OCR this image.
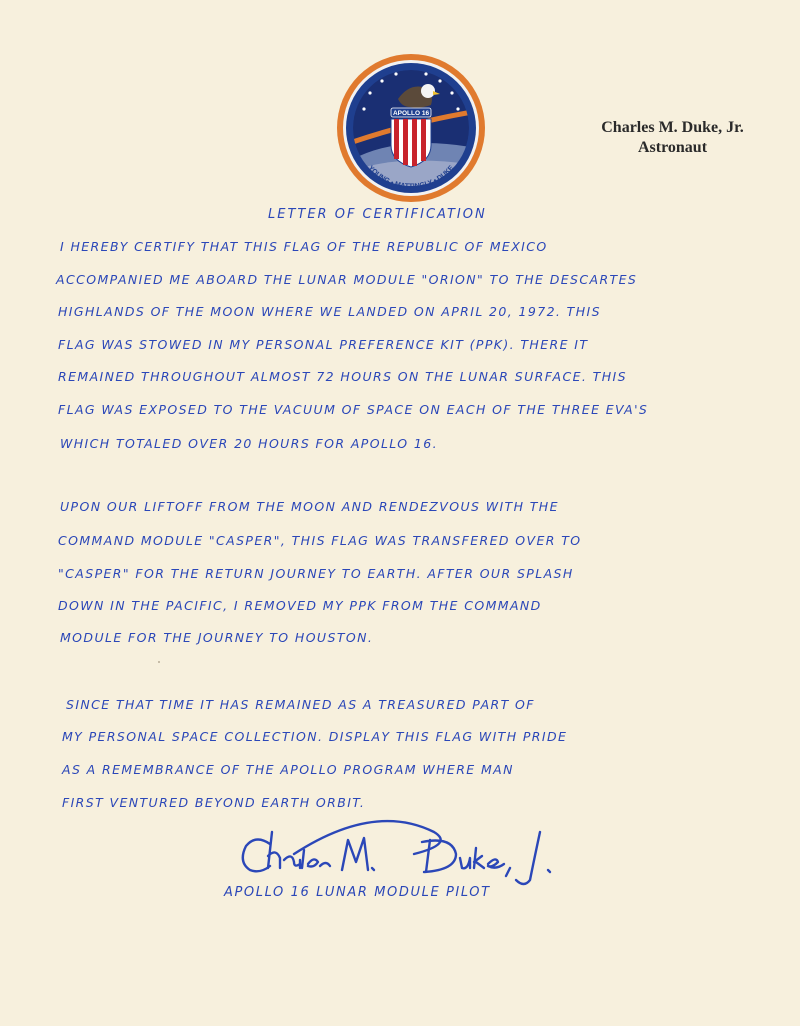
APOLLO 16
YOUNG • MATTINGLY • DUKE
Charles M. Duke, Jr.
Astronaut
LETTER OF CERTIFICATION
I HEREBY CERTIFY THAT THIS FLAG OF THE REPUBLIC OF MEXICO
ACCOMPANIED ME ABOARD THE LUNAR MODULE "ORION" TO THE DESCARTES
HIGHLANDS OF THE MOON WHERE WE LANDED ON APRIL 20, 1972. THIS
FLAG WAS STOWED IN MY PERSONAL PREFERENCE KIT (PPK). THERE IT
REMAINED THROUGHOUT ALMOST 72 HOURS ON THE LUNAR SURFACE. THIS
FLAG WAS EXPOSED TO THE VACUUM OF SPACE ON EACH OF THE THREE EVA'S
WHICH TOTALED OVER 20 HOURS FOR APOLLO 16.
UPON OUR LIFTOFF FROM THE MOON AND RENDEZVOUS WITH THE
COMMAND MODULE "CASPER", THIS FLAG WAS TRANSFERED OVER TO
"CASPER" FOR THE RETURN JOURNEY TO EARTH. AFTER OUR SPLASH
DOWN IN THE PACIFIC, I REMOVED MY PPK FROM THE COMMAND
MODULE FOR THE JOURNEY TO HOUSTON.
SINCE THAT TIME IT HAS REMAINED AS A TREASURED PART OF
MY PERSONAL SPACE COLLECTION. DISPLAY THIS FLAG WITH PRIDE
AS A REMEMBRANCE OF THE APOLLO PROGRAM WHERE MAN
FIRST VENTURED BEYOND EARTH ORBIT.
APOLLO 16 LUNAR MODULE PILOT
